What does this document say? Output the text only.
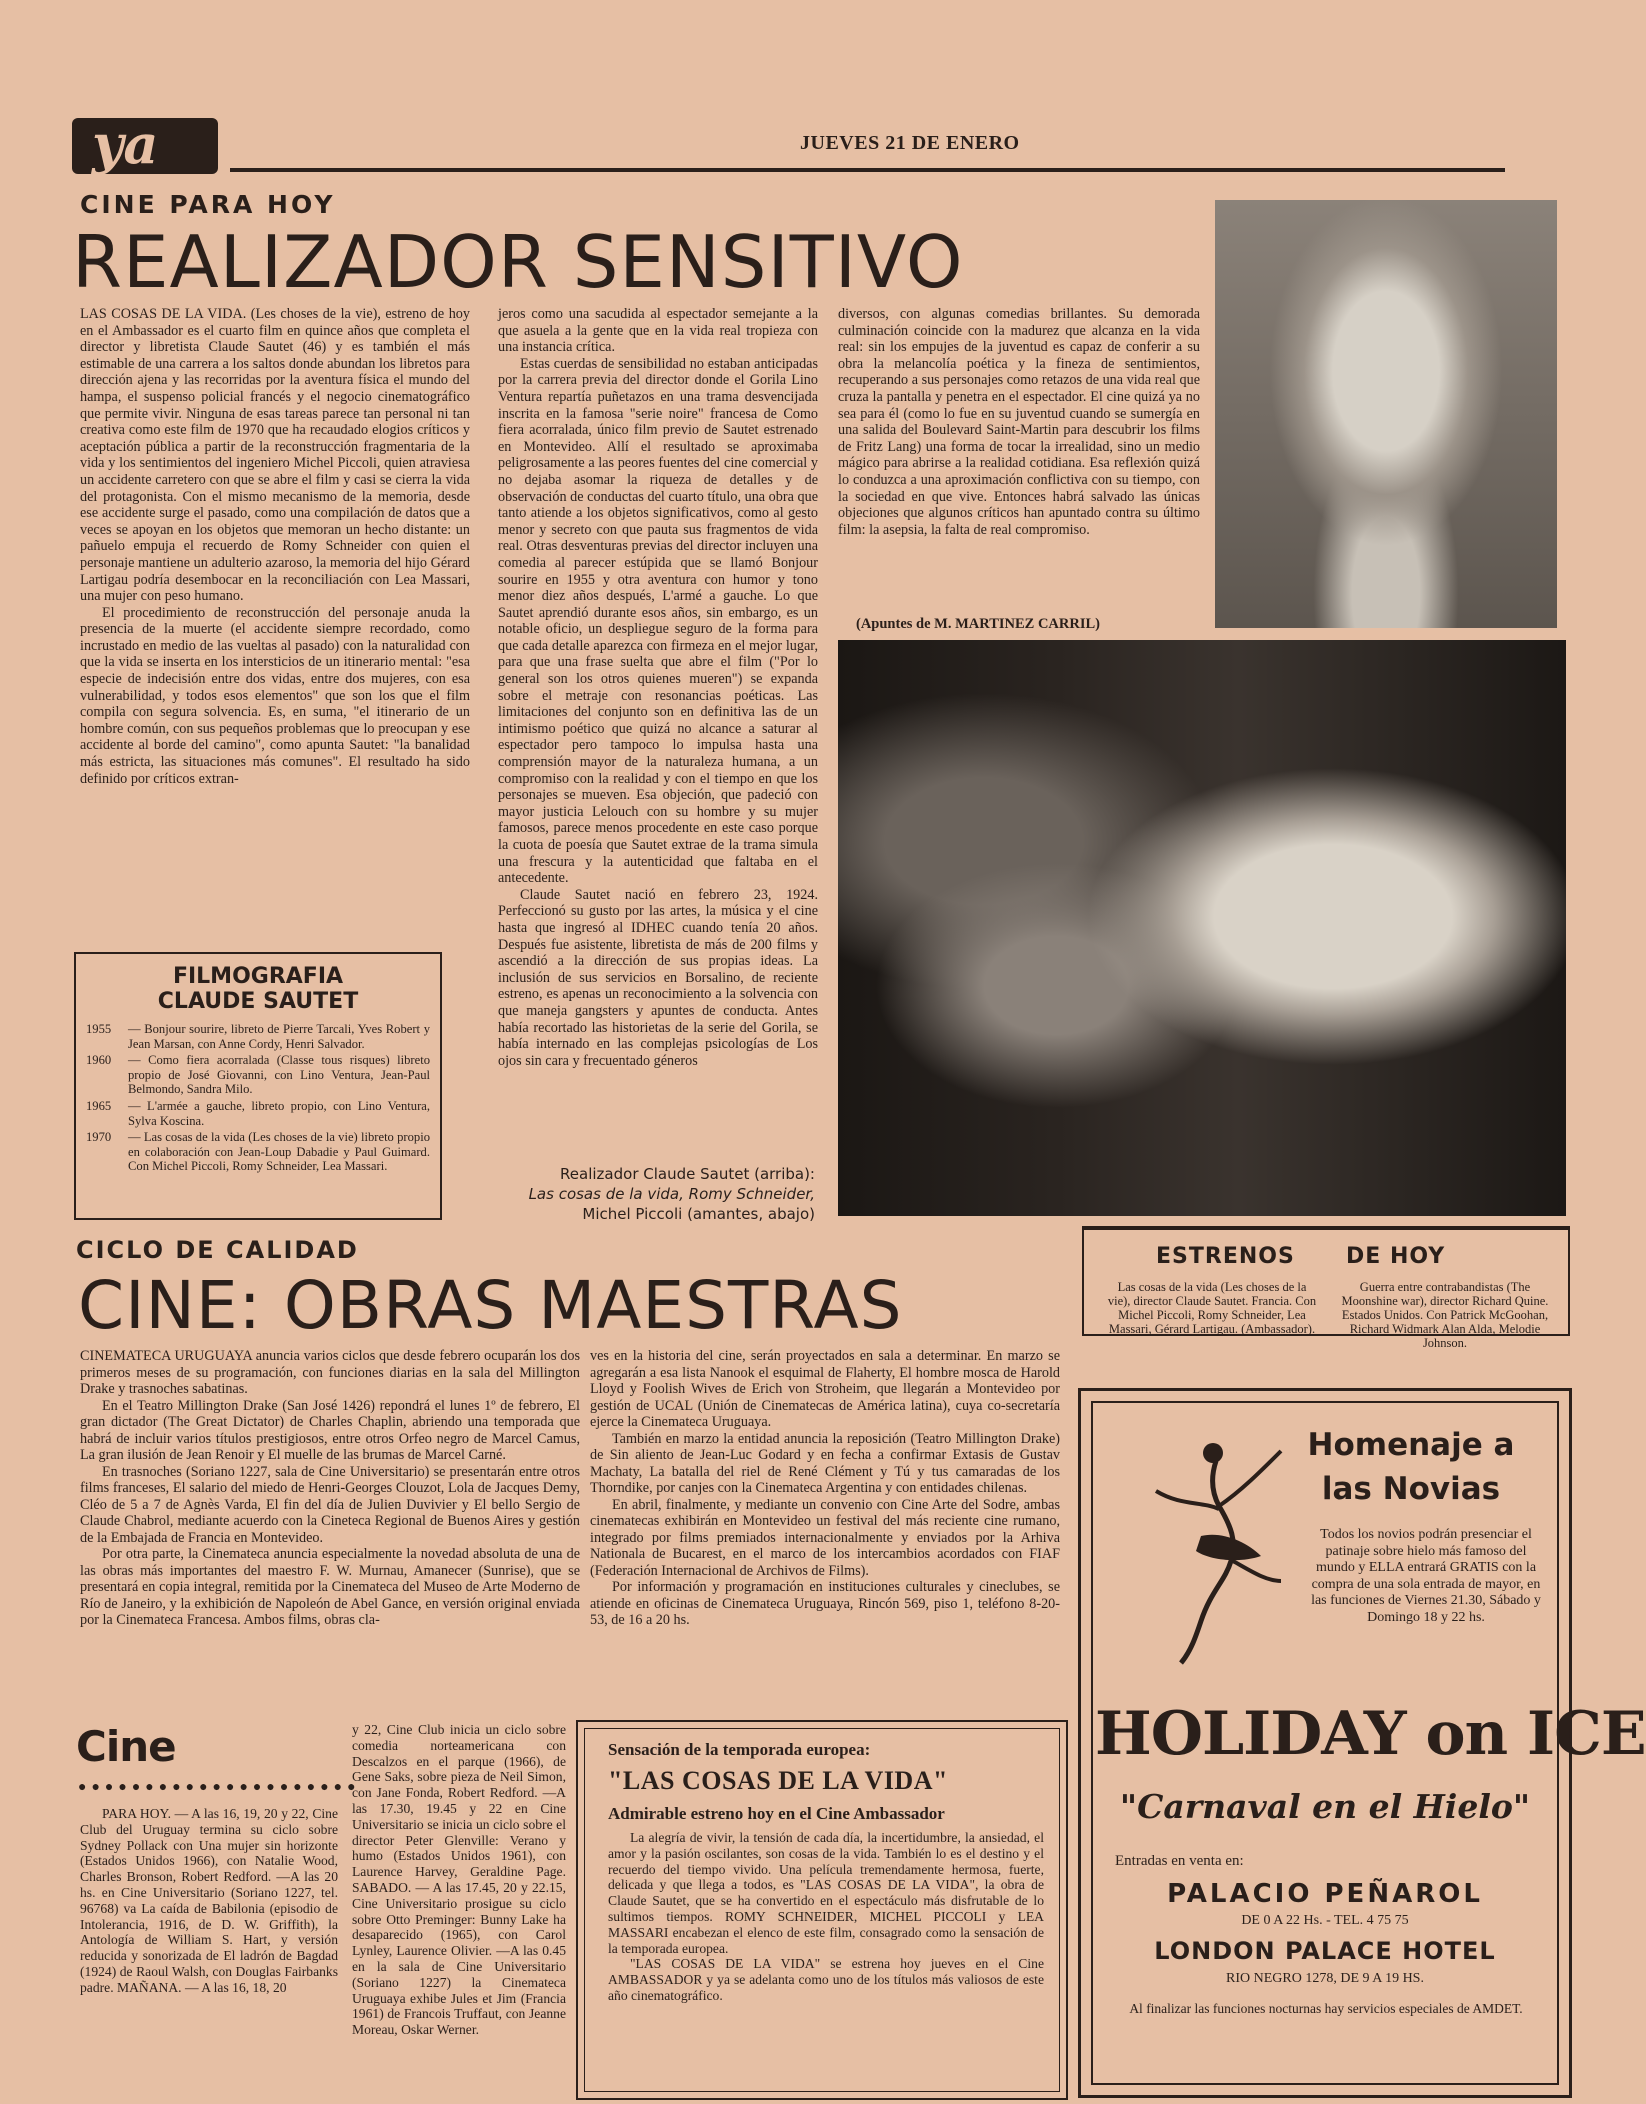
ya	JUEVES 21 DE ENERO
CINE PARA HOY
REALIZADOR SENSITIVO

LAS COSAS DE LA VIDA. (Les choses de la vie), estreno de hoy en el Ambassador es el cuarto film en quince años que completa el director y libretista Claude Sautet (46) y es también el más estimable de una carrera a los saltos donde abundan los libretos para dirección ajena y las recorridas por la aventura física el mundo del hampa, el suspenso policial francés y el negocio cinematográfico que permite vivir. Ninguna de esas tareas parece tan personal ni tan creativa como este film de 1970 que ha recaudado elogios críticos y aceptación pública a partir de la reconstrucción fragmentaria de la vida y los sentimientos del ingeniero Michel Piccoli, quien atraviesa un accidente carretero con que se abre el film y casi se cierra la vida del protagonista. Con el mismo mecanismo de la memoria, desde ese accidente surge el pasado, como una compilación de datos que a veces se apoyan en los objetos que memoran un hecho distante: un pañuelo empuja el recuerdo de Romy Schneider con quien el personaje mantiene un adulterio azaroso, la memoria del hijo Gérard Lartigau podría desembocar en la reconciliación con Lea Massari, una mujer con peso humano.

El procedimiento de reconstrucción del personaje anuda la presencia de la muerte (el accidente siempre recordado, como incrustado en medio de las vueltas al pasado) con la naturalidad con que la vida se inserta en los intersticios de un itinerario mental: "esa especie de indecisión entre dos vidas, entre dos mujeres, con esa vulnerabilidad, y todos esos elementos" que son los que el film compila con segura solvencia. Es, en suma, "el itinerario de un hombre común, con sus pequeños problemas que lo preocupan y ese accidente al borde del camino", como apunta Sautet: "la banalidad más estricta, las situaciones más comunes". El resultado ha sido definido por críticos extran-

jeros como una sacudida al espectador semejante a la que asuela a la gente que en la vida real tropieza con una instancia crítica.

Estas cuerdas de sensibilidad no estaban anticipadas por la carrera previa del director donde el Gorila Lino Ventura repartía puñetazos en una trama desvencijada inscrita en la famosa "serie noire" francesa de Como fiera acorralada, único film previo de Sautet estrenado en Montevideo. Allí el resultado se aproximaba peligrosamente a las peores fuentes del cine comercial y no dejaba asomar la riqueza de detalles y de observación de conductas del cuarto título, una obra que tanto atiende a los objetos significativos, como al gesto menor y secreto con que pauta sus fragmentos de vida real. Otras desventuras previas del director incluyen una comedia al parecer estúpida que se llamó Bonjour sourire en 1955 y otra aventura con humor y tono menor diez años después, L'armé a gauche. Lo que Sautet aprendió durante esos años, sin embargo, es un notable oficio, un despliegue seguro de la forma para que cada detalle aparezca con firmeza en el mejor lugar, para que una frase suelta que abre el film ("Por lo general son los otros quienes mueren") se expanda sobre el metraje con resonancias poéticas. Las limitaciones del conjunto son en definitiva las de un intimismo poético que quizá no alcance a saturar al espectador pero tampoco lo impulsa hasta una comprensión mayor de la naturaleza humana, a un compromiso con la realidad y con el tiempo en que los personajes se mueven. Esa objeción, que padeció con mayor justicia Lelouch con su hombre y su mujer famosos, parece menos procedente en este caso porque la cuota de poesía que Sautet extrae de la trama simula una frescura y la autenticidad que faltaba en el antecedente.

Claude Sautet nació en febrero 23, 1924. Perfeccionó su gusto por las artes, la música y el cine hasta que ingresó al IDHEC cuando tenía 20 años. Después fue asistente, libretista de más de 200 films y ascendió a la dirección de sus propias ideas. La inclusión de sus servicios en Borsalino, de reciente estreno, es apenas un reconocimiento a la solvencia con que maneja gangsters y apuntes de conducta. Antes había recortado las historietas de la serie del Gorila, se había internado en las complejas psicologías de Los ojos sin cara y frecuentado géneros

diversos, con algunas comedias brillantes. Su demorada culminación coincide con la madurez que alcanza en la vida real: sin los empujes de la juventud es capaz de conferir a su obra la melancolía poética y la fineza de sentimientos, recuperando a sus personajes como retazos de una vida real que cruza la pantalla y penetra en el espectador. El cine quizá ya no sea para él (como lo fue en su juventud cuando se sumergía en una salida del Boulevard Saint-Martin para descubrir los films de Fritz Lang) una forma de tocar la irrealidad, sino un medio mágico para abrirse a la realidad cotidiana. Esa reflexión quizá lo conduzca a una aproximación conflictiva con su tiempo, con la sociedad en que vive. Entonces habrá salvado las únicas objeciones que algunos críticos han apuntado contra su último film: la asepsia, la falta de real compromiso.

(Apuntes de M. MARTINEZ CARRIL)
Realizador Claude Sautet (arriba):
Las cosas de la vida, Romy Schneider,
Michel Piccoli (amantes, abajo)
FILMOGRAFIA
CLAUDE SAUTET
1955	— Bonjour sourire, libreto de Pierre Tarcali, Yves Robert y Jean Marsan, con Anne Cordy, Henri Salvador.
1960	— Como fiera acorralada (Classe tous risques) libreto propio de José Giovanni, con Lino Ventura, Jean-Paul Belmondo, Sandra Milo.
1965	— L'armée a gauche, libreto propio, con Lino Ventura, Sylva Koscina.
1970	— Las cosas de la vida (Les choses de la vie) libreto propio en colaboración con Jean-Loup Dabadie y Paul Guimard. Con Michel Piccoli, Romy Schneider, Lea Massari.
CICLO DE CALIDAD
CINE: OBRAS MAESTRAS

CINEMATECA URUGUAYA anuncia varios ciclos que desde febrero ocuparán los dos primeros meses de su programación, con funciones diarias en la sala del Millington Drake y trasnoches sabatinas.

En el Teatro Millington Drake (San José 1426) repondrá el lunes 1º de febrero, El gran dictador (The Great Dictator) de Charles Chaplin, abriendo una temporada que habrá de incluir varios títulos prestigiosos, entre otros Orfeo negro de Marcel Camus, La gran ilusión de Jean Renoir y El muelle de las brumas de Marcel Carné.

En trasnoches (Soriano 1227, sala de Cine Universitario) se presentarán entre otros films franceses, El salario del miedo de Henri-Georges Clouzot, Lola de Jacques Demy, Cléo de 5 a 7 de Agnès Varda, El fin del día de Julien Duvivier y El bello Sergio de Claude Chabrol, mediante acuerdo con la Cineteca Regional de Buenos Aires y gestión de la Embajada de Francia en Montevideo.

Por otra parte, la Cinemateca anuncia especialmente la novedad absoluta de una de las obras más importantes del maestro F. W. Murnau, Amanecer (Sunrise), que se presentará en copia integral, remitida por la Cinemateca del Museo de Arte Moderno de Río de Janeiro, y la exhibición de Napoleón de Abel Gance, en versión original enviada por la Cinemateca Francesa. Ambos films, obras cla-

ves en la historia del cine, serán proyectados en sala a determinar. En marzo se agregarán a esa lista Nanook el esquimal de Flaherty, El hombre mosca de Harold Lloyd y Foolish Wives de Erich von Stroheim, que llegarán a Montevideo por gestión de UCAL (Unión de Cinematecas de América latina), cuya co-secretaría ejerce la Cinemateca Uruguaya.

También en marzo la entidad anuncia la reposición (Teatro Millington Drake) de Sin aliento de Jean-Luc Godard y en fecha a confirmar Extasis de Gustav Machaty, La batalla del riel de René Clément y Tú y tus camaradas de los Thorndike, por canjes con la Cinemateca Argentina y con entidades chilenas.

En abril, finalmente, y mediante un convenio con Cine Arte del Sodre, ambas cinematecas exhibirán en Montevideo un festival del más reciente cine rumano, integrado por films premiados internacionalmente y enviados por la Arhiva Nationala de Bucarest, en el marco de los intercambios acordados con FIAF (Federación Internacional de Archivos de Films).

Por información y programación en instituciones culturales y cineclubes, se atiende en oficinas de Cinemateca Uruguaya, Rincón 569, piso 1, teléfono 8-20-53, de 16 a 20 hs.

ESTRENOS DE HOY
Las cosas de la vida (Les choses de la vie), director Claude Sautet. Francia. Con Michel Piccoli, Romy Schneider, Lea Massari, Gérard Lartigau. (Ambassador).
Guerra entre contrabandistas (The Moonshine war), director Richard Quine. Estados Unidos. Con Patrick McGoohan, Richard Widmark Alan Alda, Melodie Johnson.
Homenaje a
las Novias
Todos los novios podrán presenciar el patinaje sobre hielo más famoso del mundo y ELLA entrará GRATIS con la compra de una sola entrada de mayor, en las funciones de Viernes 21.30, Sábado y Domingo 18 y 22 hs.
HOLIDAY on ICE
"Carnaval en el Hielo"
Entradas en venta en:
PALACIO PEÑAROL
DE 0 A 22 Hs. - TEL. 4 75 75
LONDON PALACE HOTEL
RIO NEGRO 1278, DE 9 A 19 HS.
Al finalizar las funciones nocturnas hay servicios especiales de AMDET.
Cine
●●●●●●●●●●●●●●●●●●●●●
PARA HOY. — A las 16, 19, 20 y 22, Cine Club del Uruguay termina su ciclo sobre Sydney Pollack con Una mujer sin horizonte (Estados Unidos 1966), con Natalie Wood, Charles Bronson, Robert Redford. —A las 20 hs. en Cine Universitario (Soriano 1227, tel. 96768) va La caída de Babilonia (episodio de Intolerancia, 1916, de D. W. Griffith), la Antología de William S. Hart, y versión reducida y sonorizada de El ladrón de Bagdad (1924) de Raoul Walsh, con Douglas Fairbanks padre. MAÑANA. — A las 16, 18, 20
y 22, Cine Club inicia un ciclo sobre comedia norteamericana con Descalzos en el parque (1966), de Gene Saks, sobre pieza de Neil Simon, con Jane Fonda, Robert Redford. —A las 17.30, 19.45 y 22 en Cine Universitario se inicia un ciclo sobre el director Peter Glenville: Verano y humo (Estados Unidos 1961), con Laurence Harvey, Geraldine Page. SABADO. — A las 17.45, 20 y 22.15, Cine Universitario prosigue su ciclo sobre Otto Preminger: Bunny Lake ha desaparecido (1965), con Carol Lynley, Laurence Olivier. —A las 0.45 en la sala de Cine Universitario (Soriano 1227) la Cinemateca Uruguaya exhibe Jules et Jim (Francia 1961) de Francois Truffaut, con Jeanne Moreau, Oskar Werner.
Sensación de la temporada europea:
"LAS COSAS DE LA VIDA"
Admirable estreno hoy en el Cine Ambassador

La alegría de vivir, la tensión de cada día, la incertidumbre, la ansiedad, el amor y la pasión oscilantes, son cosas de la vida. También lo es el destino y el recuerdo del tiempo vivido. Una película tremendamente hermosa, fuerte, delicada y que llega a todos, es "LAS COSAS DE LA VIDA", la obra de Claude Sautet, que se ha convertido en el espectáculo más disfrutable de lo sultimos tiempos. ROMY SCHNEIDER, MICHEL PICCOLI y LEA MASSARI encabezan el elenco de este film, consagrado como la sensación de la temporada europea.

"LAS COSAS DE LA VIDA" se estrena hoy jueves en el Cine AMBASSADOR y ya se adelanta como uno de los títulos más valiosos de este año cinematográfico.
